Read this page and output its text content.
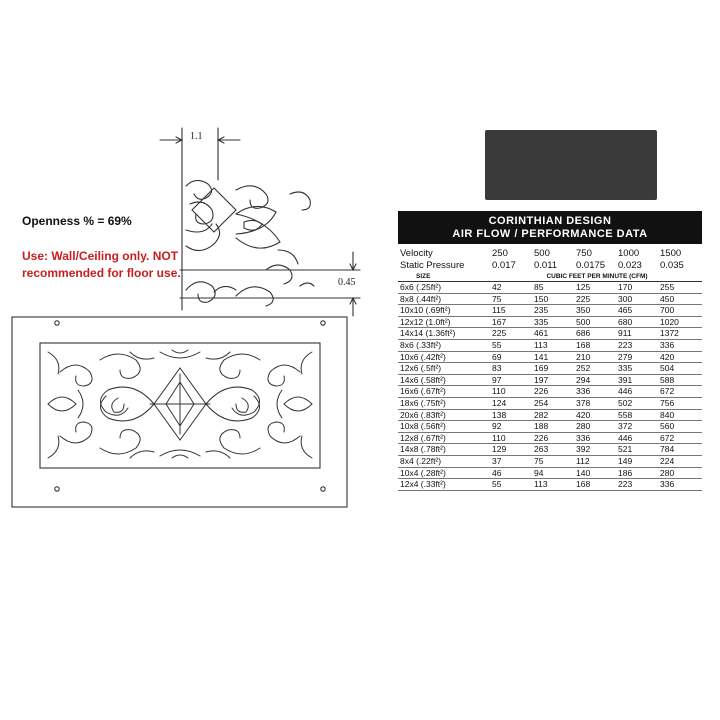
1.1
0.45
Openness % = 69%
Use: Wall/Ceiling only. NOT recommended for floor use.
CORINTHIAN DESIGN
AIR FLOW / PERFORMANCE DATA
Velocity	250	500	750	1000	1500
Static Pressure	0.017	0.011	0.0175	0.023	0.035
SIZE	CUBIC FEET PER MINUTE (CFM)
6x6 (.25ft²)	42	85	125	170	255
8x8 (.44ft²)	75	150	225	300	450
10x10 (.69ft²)	115	235	350	465	700
12x12 (1.0ft²)	167	335	500	680	1020
14x14 (1.36ft²)	225	461	686	911	1372
8x6 (.33ft²)	55	113	168	223	336
10x6 (.42ft²)	69	141	210	279	420
12x6 (.5ft²)	83	169	252	335	504
14x6 (.58ft²)	97	197	294	391	588
16x6 (.67ft²)	110	226	336	446	672
18x6 (.75ft²)	124	254	378	502	756
20x6 (.83ft²)	138	282	420	558	840
10x8 (.56ft²)	92	188	280	372	560
12x8 (.67ft²)	110	226	336	446	672
14x8 (.78ft²)	129	263	392	521	784
8x4 (.22ft²)	37	75	112	149	224
10x4 (.28ft²)	46	94	140	186	280
12x4 (.33ft²)	55	113	168	223	336
